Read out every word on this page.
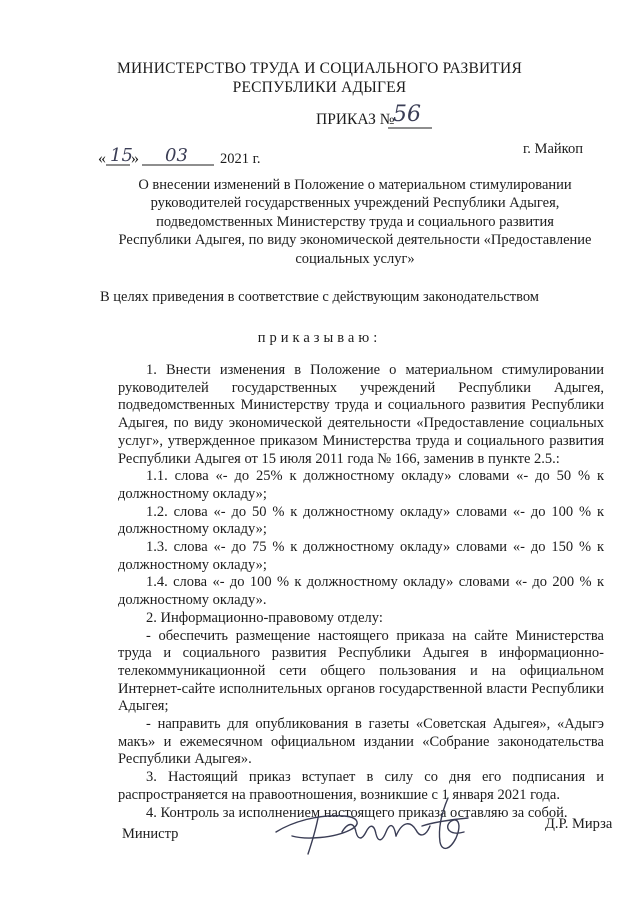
МИНИСТЕРСТВО ТРУДА И СОЦИАЛЬНОГО РАЗВИТИЯ
РЕСПУБЛИКИ АДЫГЕЯ
ПРИКАЗ №
56
« 15
» 03 2021 г.
г. Майкоп
О внесении изменений в Положение о материальном стимулировании руководителей государственных учреждений Республики Адыгея, подведомственных Министерству труда и социального развития Республики Адыгея, по виду экономической деятельности «Предоставление социальных услуг»
В целях приведения в соответствие с действующим законодательством
приказываю:

1. Внести изменения в Положение о материальном стимулировании руководителей государственных учреждений Республики Адыгея, подведомственных Министерству труда и социального развития Республики Адыгея, по виду экономической деятельности «Предоставление социальных услуг», утвержденное приказом Министерства труда и социального развития Республики Адыгея от 15 июля 2011 года № 166, заменив в пункте 2.5.:

1.1. слова «- до 25% к должностному окладу» словами «- до 50 % к должностному окладу»;

1.2. слова «- до 50 % к должностному окладу» словами «- до 100 % к должностному окладу»;

1.3. слова «- до 75 % к должностному окладу» словами «- до 150 % к должностному окладу»;

1.4. слова «- до 100 % к должностному окладу» словами «- до 200 % к должностному окладу».

2. Информационно-правовому отделу:

- обеспечить размещение настоящего приказа на сайте Министерства труда и социального развития Республики Адыгея в информационно-телекоммуникационной сети общего пользования и на официальном Интернет-сайте исполнительных органов государственной власти Республики Адыгея;

- направить для опубликования в газеты «Советская Адыгея», «Адыгэ макъ» и ежемесячном официальном издании «Собрание законодательства Республики Адыгея».

3. Настоящий приказ вступает в силу со дня его подписания и распространяется на правоотношения, возникшие с 1 января 2021 года.

4. Контроль за исполнением настоящего приказа оставляю за собой.

Министр
Д.Р. Мирза
